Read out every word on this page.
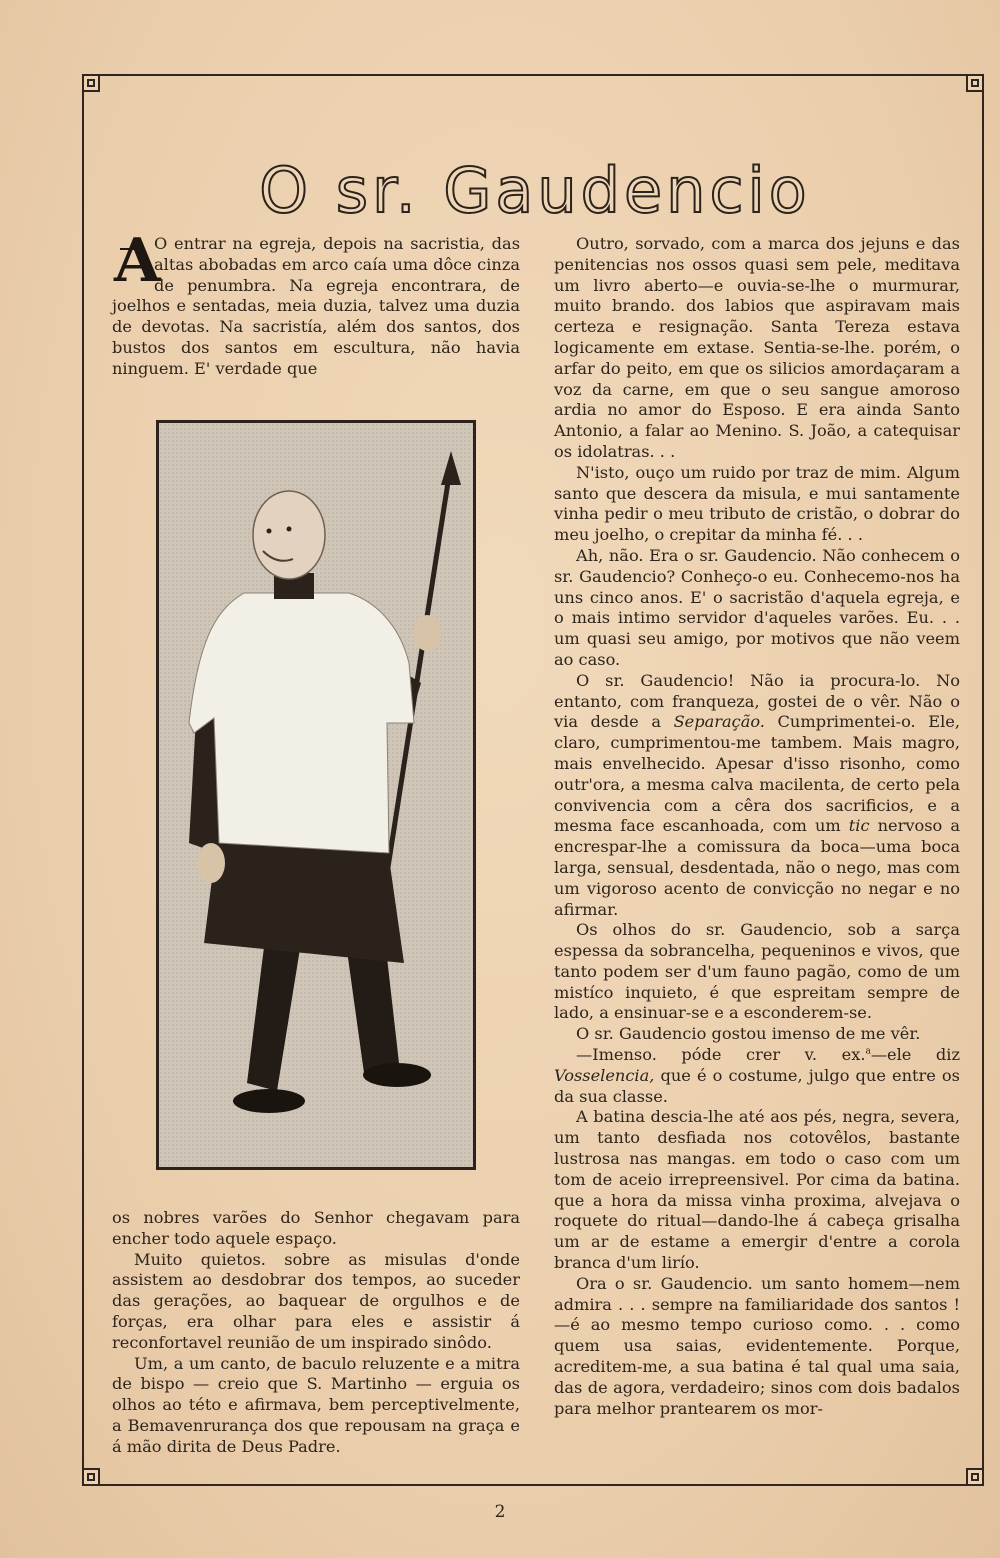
O sr. Gaudencio

A
O entrar na egreja, depois na sacristia, das altas abobadas em arco caía uma dôce cinza de penumbra. Na egreja encontrara, de joelhos e sentadas, meia duzia, talvez uma duzia de devotas. Na sacristía, além dos santos, dos bustos dos santos em escultura, não havia ninguem. E' verdade que

os nobres varões do Senhor chegavam para encher todo aquele espaço.

Muito quietos. sobre as misulas d'onde assistem ao desdobrar dos tempos, ao suceder das gerações, ao baquear de orgulhos e de forças, era olhar para eles e assistir á reconfortavel reunião de um inspirado sinôdo.

Um, a um canto, de baculo reluzente e a mitra de bispo — creio que S. Martinho — erguia os olhos ao této e afirmava, bem perceptivelmente, a Bemavenrurança dos que repousam na graça e á mão dirita de Deus Padre.

Outro, sorvado, com a marca dos jejuns e das penitencias nos ossos quasi sem pele, meditava um livro aberto—e ouvia-se-lhe o murmurar, muito brando. dos labios que aspiravam mais certeza e resignação. Santa Tereza estava logicamente em extase. Sentia-se-lhe. porém, o arfar do peito, em que os silicios amordaçaram a voz da carne, em que o seu sangue amoroso ardia no amor do Esposo. E era ainda Santo Antonio, a falar ao Menino. S. João, a catequisar os idolatras. . .

N'isto, ouço um ruido por traz de mim. Algum santo que descera da misula, e mui santamente vinha pedir o meu tributo de cristão, o dobrar do meu joelho, o crepitar da minha fé. . .

Ah, não. Era o sr. Gaudencio. Não conhecem o sr. Gaudencio? Conheço-o eu. Conhecemo-nos ha uns cinco anos. E' o sacristão d'aquela egreja, e o mais intimo servidor d'aqueles varões. Eu. . . um quasi seu amigo, por motivos que não veem ao caso.

O sr. Gaudencio! Não ia procura-lo. No entanto, com franqueza, gostei de o vêr. Não o via desde a Separação. Cumprimentei-o. Ele, claro, cumprimentou-me tambem. Mais magro, mais envelhecido. Apesar d'isso risonho, como outr'ora, a mesma calva macilenta, de certo pela convivencia com a cêra dos sacrificios, e a mesma face escanhoada, com um tic nervoso a encrespar-lhe a comissura da boca—uma boca larga, sensual, desdentada, não o nego, mas com um vigoroso acento de convicção no negar e no afirmar.

Os olhos do sr. Gaudencio, sob a sarça espessa da sobrancelha, pequeninos e vivos, que tanto podem ser d'um fauno pagão, como de um mistíco inquieto, é que espreitam sempre de lado, a ensinuar-se e a esconderem-se.

O sr. Gaudencio gostou imenso de me vêr.

—Imenso. póde crer v. ex.$^a$—ele diz Vosselencia, que é o costume, julgo que entre os da sua classe.

A batina descia-lhe até aos pés, negra, severa, um tanto desfiada nos cotovêlos, bastante lustrosa nas mangas. em todo o caso com um tom de aceio irrepreensivel. Por cima da batina. que a hora da missa vinha proxima, alvejava o roquete do ritual—dando-lhe á cabeça grisalha um ar de estame a emergir d'entre a corola branca d'um lirío.

Ora o sr. Gaudencio. um santo homem—nem admira . . . sempre na familiaridade dos santos !—é ao mesmo tempo curioso como. . . como quem usa saias, evidentemente. Porque, acreditem-me, a sua batina é tal qual uma saia, das de agora, verdadeiro; sinos com dois badalos para melhor prantearem os mor-

2
